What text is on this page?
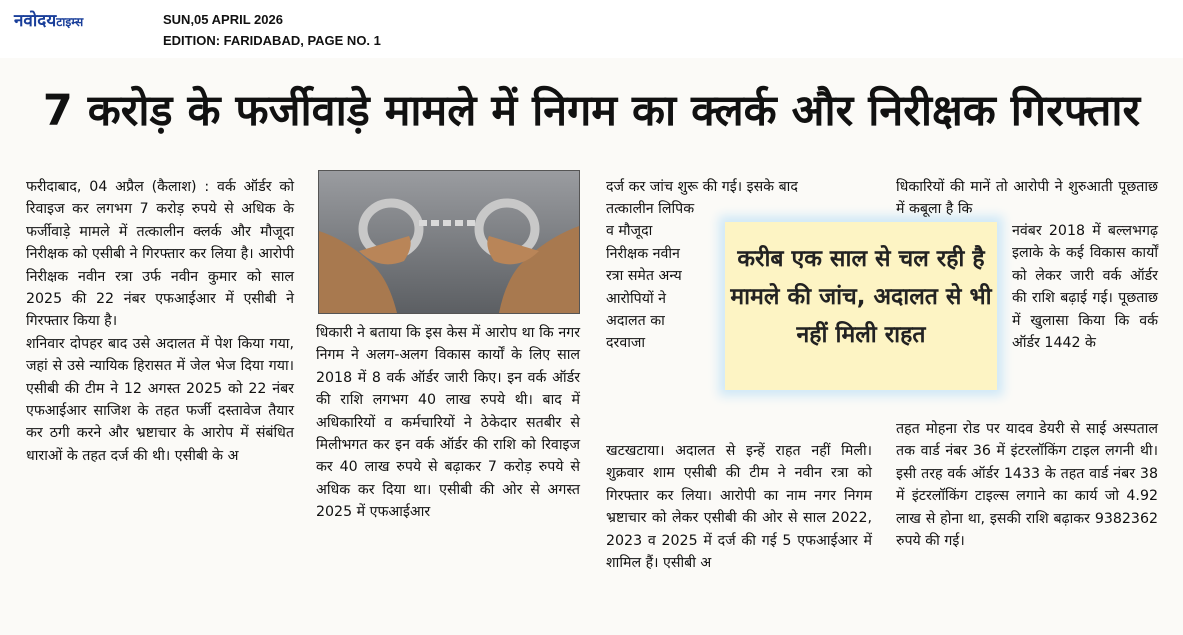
नवोदयटाइम्स	SUN,05 APRIL 2026
EDITION: FARIDABAD, PAGE NO. 1
7 करोड़ के फर्जीवाड़े मामले में निगम का क्लर्क और निरीक्षक गिरफ्तार

फरीदाबाद, 04 अप्रैल (कैलाश) : वर्क ऑर्डर को रिवाइज कर लगभग 7 करोड़ रुपये से अधिक के फर्जीवाड़े मामले में तत्कालीन क्लर्क और मौजूदा निरीक्षक को एसीबी ने गिरफ्तार कर लिया है। आरोपी निरीक्षक नवीन रत्रा उर्फ नवीन कुमार को साल 2025 की 22 नंबर एफआईआर में एसीबी ने गिरफ्तार किया है।

शनिवार दोपहर बाद उसे अदालत में पेश किया गया, जहां से उसे न्यायिक हिरासत में जेल भेज दिया गया। एसीबी की टीम ने 12 अगस्त 2025 को 22 नंबर एफआईआर साजिश के तहत फर्जी दस्तावेज तैयार कर ठगी करने और भ्रष्टाचार के आरोप में संबंधित धाराओं के तहत दर्ज की थी। एसीबी के अ

धिकारी ने बताया कि इस केस में आरोप था कि नगर निगम ने अलग-अलग विकास कार्यों के लिए साल 2018 में 8 वर्क ऑर्डर जारी किए। इन वर्क ऑर्डर की राशि लगभग 40 लाख रुपये थी। बाद में अधिकारियों व कर्मचारियों ने ठेकेदार सतबीर से मिलीभगत कर इन वर्क ऑर्डर की राशि को रिवाइज कर 40 लाख रुपये से बढ़ाकर 7 करोड़ रुपये से अधिक कर दिया था। एसीबी की ओर से अगस्त 2025 में एफआईआर

दर्ज कर जांच शुरू की गई। इसके बाद
तत्कालीन लिपिक व मौजूदा निरीक्षक नवीन रत्रा समेत अन्य आरोपियों ने अदालत का दरवाजा
खटखटाया। अदालत से इन्हें राहत नहीं मिली। शुक्रवार शाम एसीबी की टीम ने नवीन रत्रा को गिरफ्तार कर लिया। आरोपी का नाम नगर निगम भ्रष्टाचार को लेकर एसीबी की ओर से साल 2022, 2023 व 2025 में दर्ज की गई 5 एफआईआर में शामिल हैं। एसीबी अ
करीब एक साल से चल रही है मामले की जांच, अदालत से भी नहीं मिली राहत
धिकारियों की मानें तो आरोपी ने शुरुआती पूछताछ में कबूला है कि
नवंबर 2018 में बल्लभगढ़ इलाके के कई विकास कार्यों को लेकर जारी वर्क ऑर्डर की राशि बढ़ाई गई। पूछताछ में खुलासा किया कि वर्क ऑर्डर 1442 के
तहत मोहना रोड पर यादव डेयरी से साई अस्पताल तक वार्ड नंबर 36 में इंटरलॉकिंग टाइल लगनी थी। इसी तरह वर्क ऑर्डर 1433 के तहत वार्ड नंबर 38 में इंटरलॉकिंग टाइल्स लगाने का कार्य जो 4.92 लाख से होना था, इसकी राशि बढ़ाकर 9382362 रुपये की गई।
